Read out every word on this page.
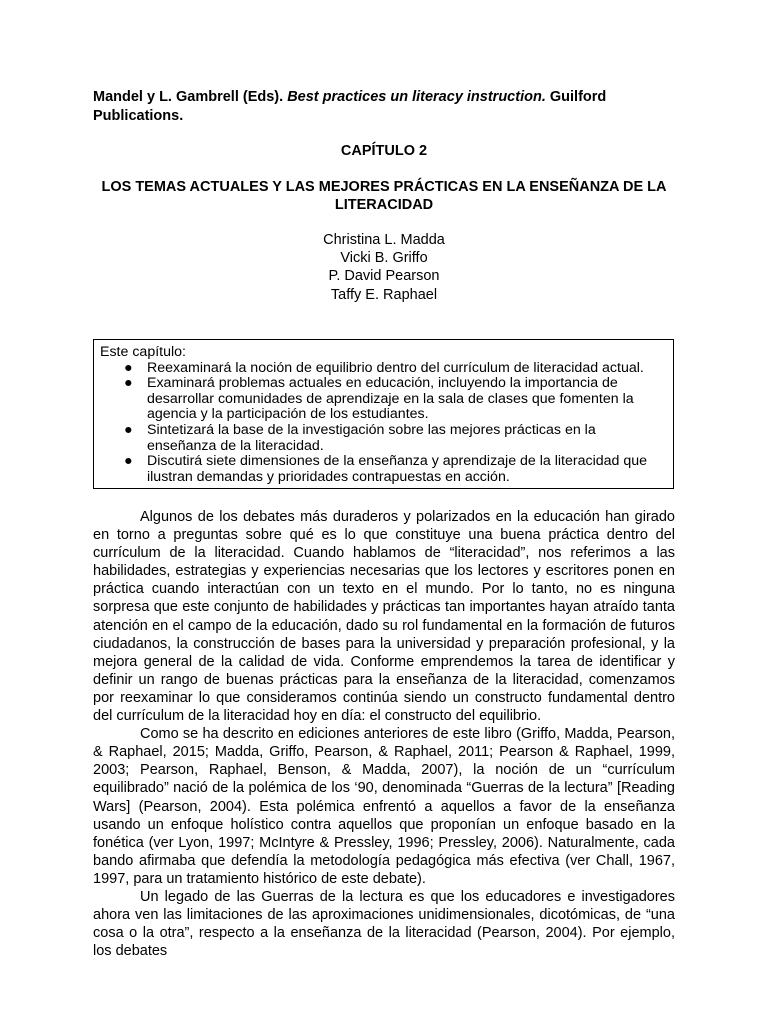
Mandel y L. Gambrell (Eds). Best practices un literacy instruction. Guilford Publications.
CAPÍTULO 2
LOS TEMAS ACTUALES Y LAS MEJORES PRÁCTICAS EN LA ENSEÑANZA DE LA LITERACIDAD
Christina L. Madda
Vicki B. Griffo
P. David Pearson
Taffy E. Raphael
Este capítulo:
● Reexaminará la noción de equilibrio dentro del currículum de literacidad actual.
● Examinará problemas actuales en educación, incluyendo la importancia de desarrollar comunidades de aprendizaje en la sala de clases que fomenten la agencia y la participación de los estudiantes.
● Sintetizará la base de la investigación sobre las mejores prácticas en la enseñanza de la literacidad.
● Discutirá siete dimensiones de la enseñanza y aprendizaje de la literacidad que ilustran demandas y prioridades contrapuestas en acción.

Algunos de los debates más duraderos y polarizados en la educación han girado en torno a preguntas sobre qué es lo que constituye una buena práctica dentro del currículum de la literacidad. Cuando hablamos de “literacidad”, nos referimos a las habilidades, estrategias y experiencias necesarias que los lectores y escritores ponen en práctica cuando interactúan con un texto en el mundo. Por lo tanto, no es ninguna sorpresa que este conjunto de habilidades y prácticas tan importantes hayan atraído tanta atención en el campo de la educación, dado su rol fundamental en la formación de futuros ciudadanos, la construcción de bases para la universidad y preparación profesional, y la mejora general de la calidad de vida. Conforme emprendemos la tarea de identificar y definir un rango de buenas prácticas para la enseñanza de la literacidad, comenzamos por reexaminar lo que consideramos continúa siendo un constructo fundamental dentro del currículum de la literacidad hoy en día: el constructo del equilibrio.

Como se ha descrito en ediciones anteriores de este libro (Griffo, Madda, Pearson, & Raphael, 2015; Madda, Griffo, Pearson, & Raphael, 2011; Pearson & Raphael, 1999, 2003; Pearson, Raphael, Benson, & Madda, 2007), la noción de un “currículum equilibrado” nació de la polémica de los ‘90, denominada “Guerras de la lectura” [Reading Wars] (Pearson, 2004). Esta polémica enfrentó a aquellos a favor de la enseñanza usando un enfoque holístico contra aquellos que proponían un enfoque basado en la fonética (ver Lyon, 1997; McIntyre & Pressley, 1996; Pressley, 2006). Naturalmente, cada bando afirmaba que defendía la metodología pedagógica más efectiva (ver Chall, 1967, 1997, para un tratamiento histórico de este debate).

Un legado de las Guerras de la lectura es que los educadores e investigadores ahora ven las limitaciones de las aproximaciones unidimensionales, dicotómicas, de “una cosa o la otra”, respecto a la enseñanza de la literacidad (Pearson, 2004). Por ejemplo, los debates
